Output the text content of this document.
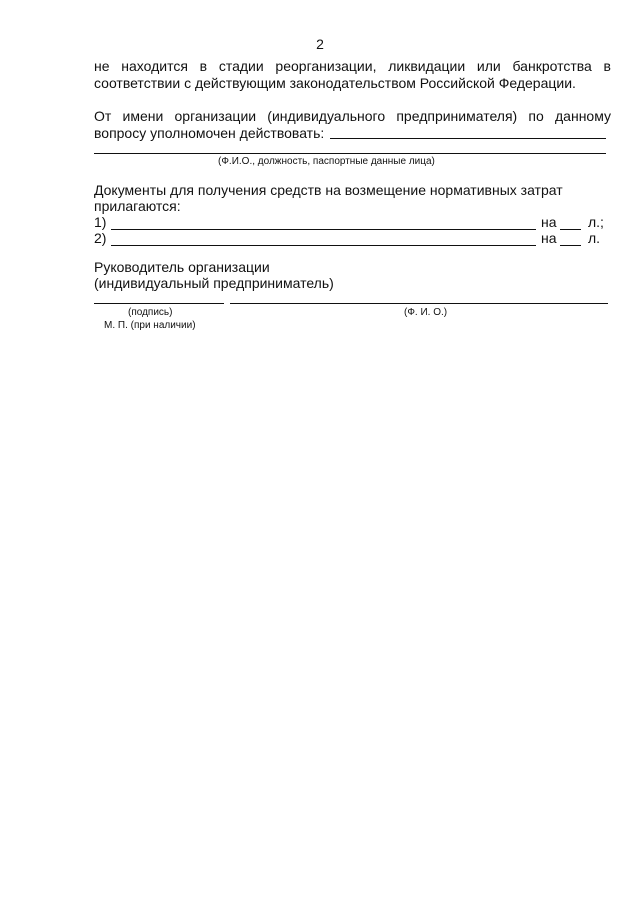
2
не находится в стадии реорганизации, ликвидации или банкротства в
соответствии с действующим законодательством Российской Федерации.
От имени организации (индивидуального предпринимателя) по данному
вопросу уполномочен действовать:
(Ф.И.О., должность, паспортные данные лица)
Документы для получения средств на возмещение нормативных затрат
прилагаются:
1)	на л.;
2)	на л.
Руководитель организации
(индивидуальный предприниматель)
(подпись)	(Ф. И. О.)
М. П. (при наличии)
